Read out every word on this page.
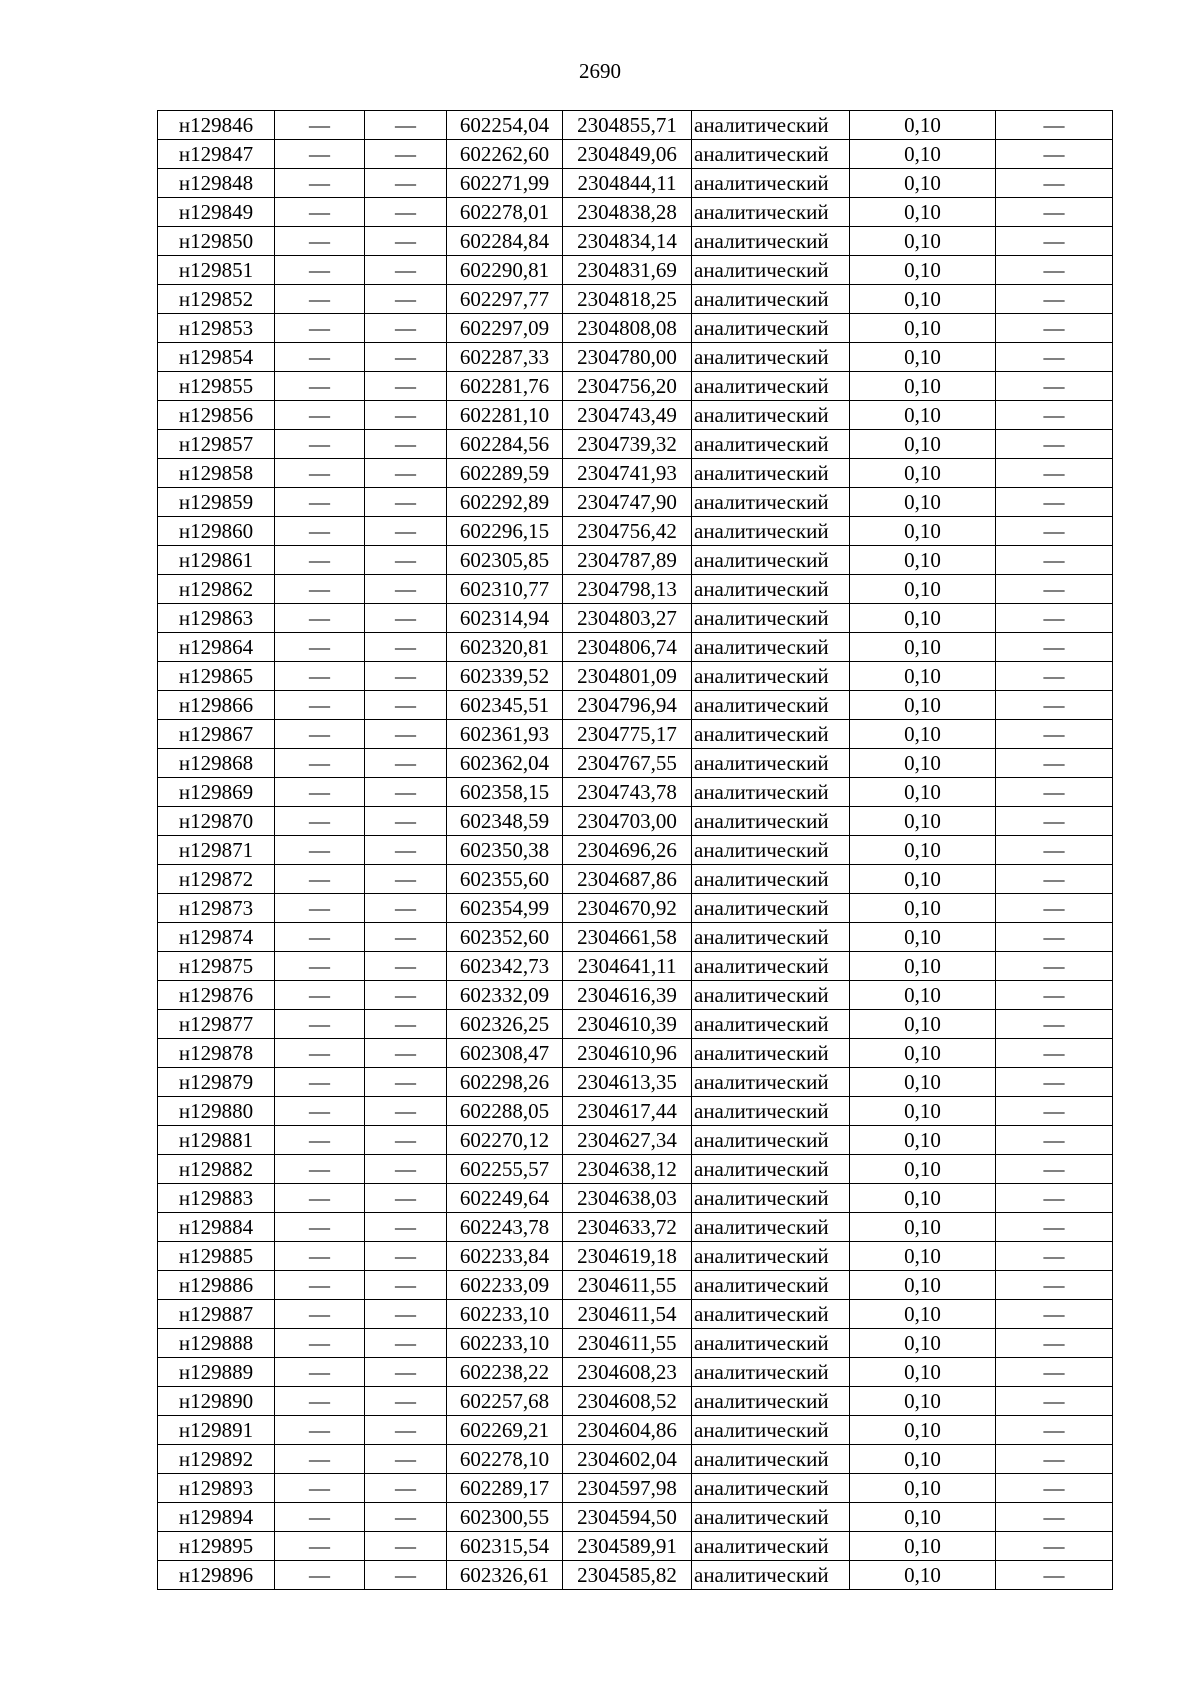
2690
н129846	—	—	602254,04	2304855,71	аналитический	0,10	—
н129847	—	—	602262,60	2304849,06	аналитический	0,10	—
н129848	—	—	602271,99	2304844,11	аналитический	0,10	—
н129849	—	—	602278,01	2304838,28	аналитический	0,10	—
н129850	—	—	602284,84	2304834,14	аналитический	0,10	—
н129851	—	—	602290,81	2304831,69	аналитический	0,10	—
н129852	—	—	602297,77	2304818,25	аналитический	0,10	—
н129853	—	—	602297,09	2304808,08	аналитический	0,10	—
н129854	—	—	602287,33	2304780,00	аналитический	0,10	—
н129855	—	—	602281,76	2304756,20	аналитический	0,10	—
н129856	—	—	602281,10	2304743,49	аналитический	0,10	—
н129857	—	—	602284,56	2304739,32	аналитический	0,10	—
н129858	—	—	602289,59	2304741,93	аналитический	0,10	—
н129859	—	—	602292,89	2304747,90	аналитический	0,10	—
н129860	—	—	602296,15	2304756,42	аналитический	0,10	—
н129861	—	—	602305,85	2304787,89	аналитический	0,10	—
н129862	—	—	602310,77	2304798,13	аналитический	0,10	—
н129863	—	—	602314,94	2304803,27	аналитический	0,10	—
н129864	—	—	602320,81	2304806,74	аналитический	0,10	—
н129865	—	—	602339,52	2304801,09	аналитический	0,10	—
н129866	—	—	602345,51	2304796,94	аналитический	0,10	—
н129867	—	—	602361,93	2304775,17	аналитический	0,10	—
н129868	—	—	602362,04	2304767,55	аналитический	0,10	—
н129869	—	—	602358,15	2304743,78	аналитический	0,10	—
н129870	—	—	602348,59	2304703,00	аналитический	0,10	—
н129871	—	—	602350,38	2304696,26	аналитический	0,10	—
н129872	—	—	602355,60	2304687,86	аналитический	0,10	—
н129873	—	—	602354,99	2304670,92	аналитический	0,10	—
н129874	—	—	602352,60	2304661,58	аналитический	0,10	—
н129875	—	—	602342,73	2304641,11	аналитический	0,10	—
н129876	—	—	602332,09	2304616,39	аналитический	0,10	—
н129877	—	—	602326,25	2304610,39	аналитический	0,10	—
н129878	—	—	602308,47	2304610,96	аналитический	0,10	—
н129879	—	—	602298,26	2304613,35	аналитический	0,10	—
н129880	—	—	602288,05	2304617,44	аналитический	0,10	—
н129881	—	—	602270,12	2304627,34	аналитический	0,10	—
н129882	—	—	602255,57	2304638,12	аналитический	0,10	—
н129883	—	—	602249,64	2304638,03	аналитический	0,10	—
н129884	—	—	602243,78	2304633,72	аналитический	0,10	—
н129885	—	—	602233,84	2304619,18	аналитический	0,10	—
н129886	—	—	602233,09	2304611,55	аналитический	0,10	—
н129887	—	—	602233,10	2304611,54	аналитический	0,10	—
н129888	—	—	602233,10	2304611,55	аналитический	0,10	—
н129889	—	—	602238,22	2304608,23	аналитический	0,10	—
н129890	—	—	602257,68	2304608,52	аналитический	0,10	—
н129891	—	—	602269,21	2304604,86	аналитический	0,10	—
н129892	—	—	602278,10	2304602,04	аналитический	0,10	—
н129893	—	—	602289,17	2304597,98	аналитический	0,10	—
н129894	—	—	602300,55	2304594,50	аналитический	0,10	—
н129895	—	—	602315,54	2304589,91	аналитический	0,10	—
н129896	—	—	602326,61	2304585,82	аналитический	0,10	—
